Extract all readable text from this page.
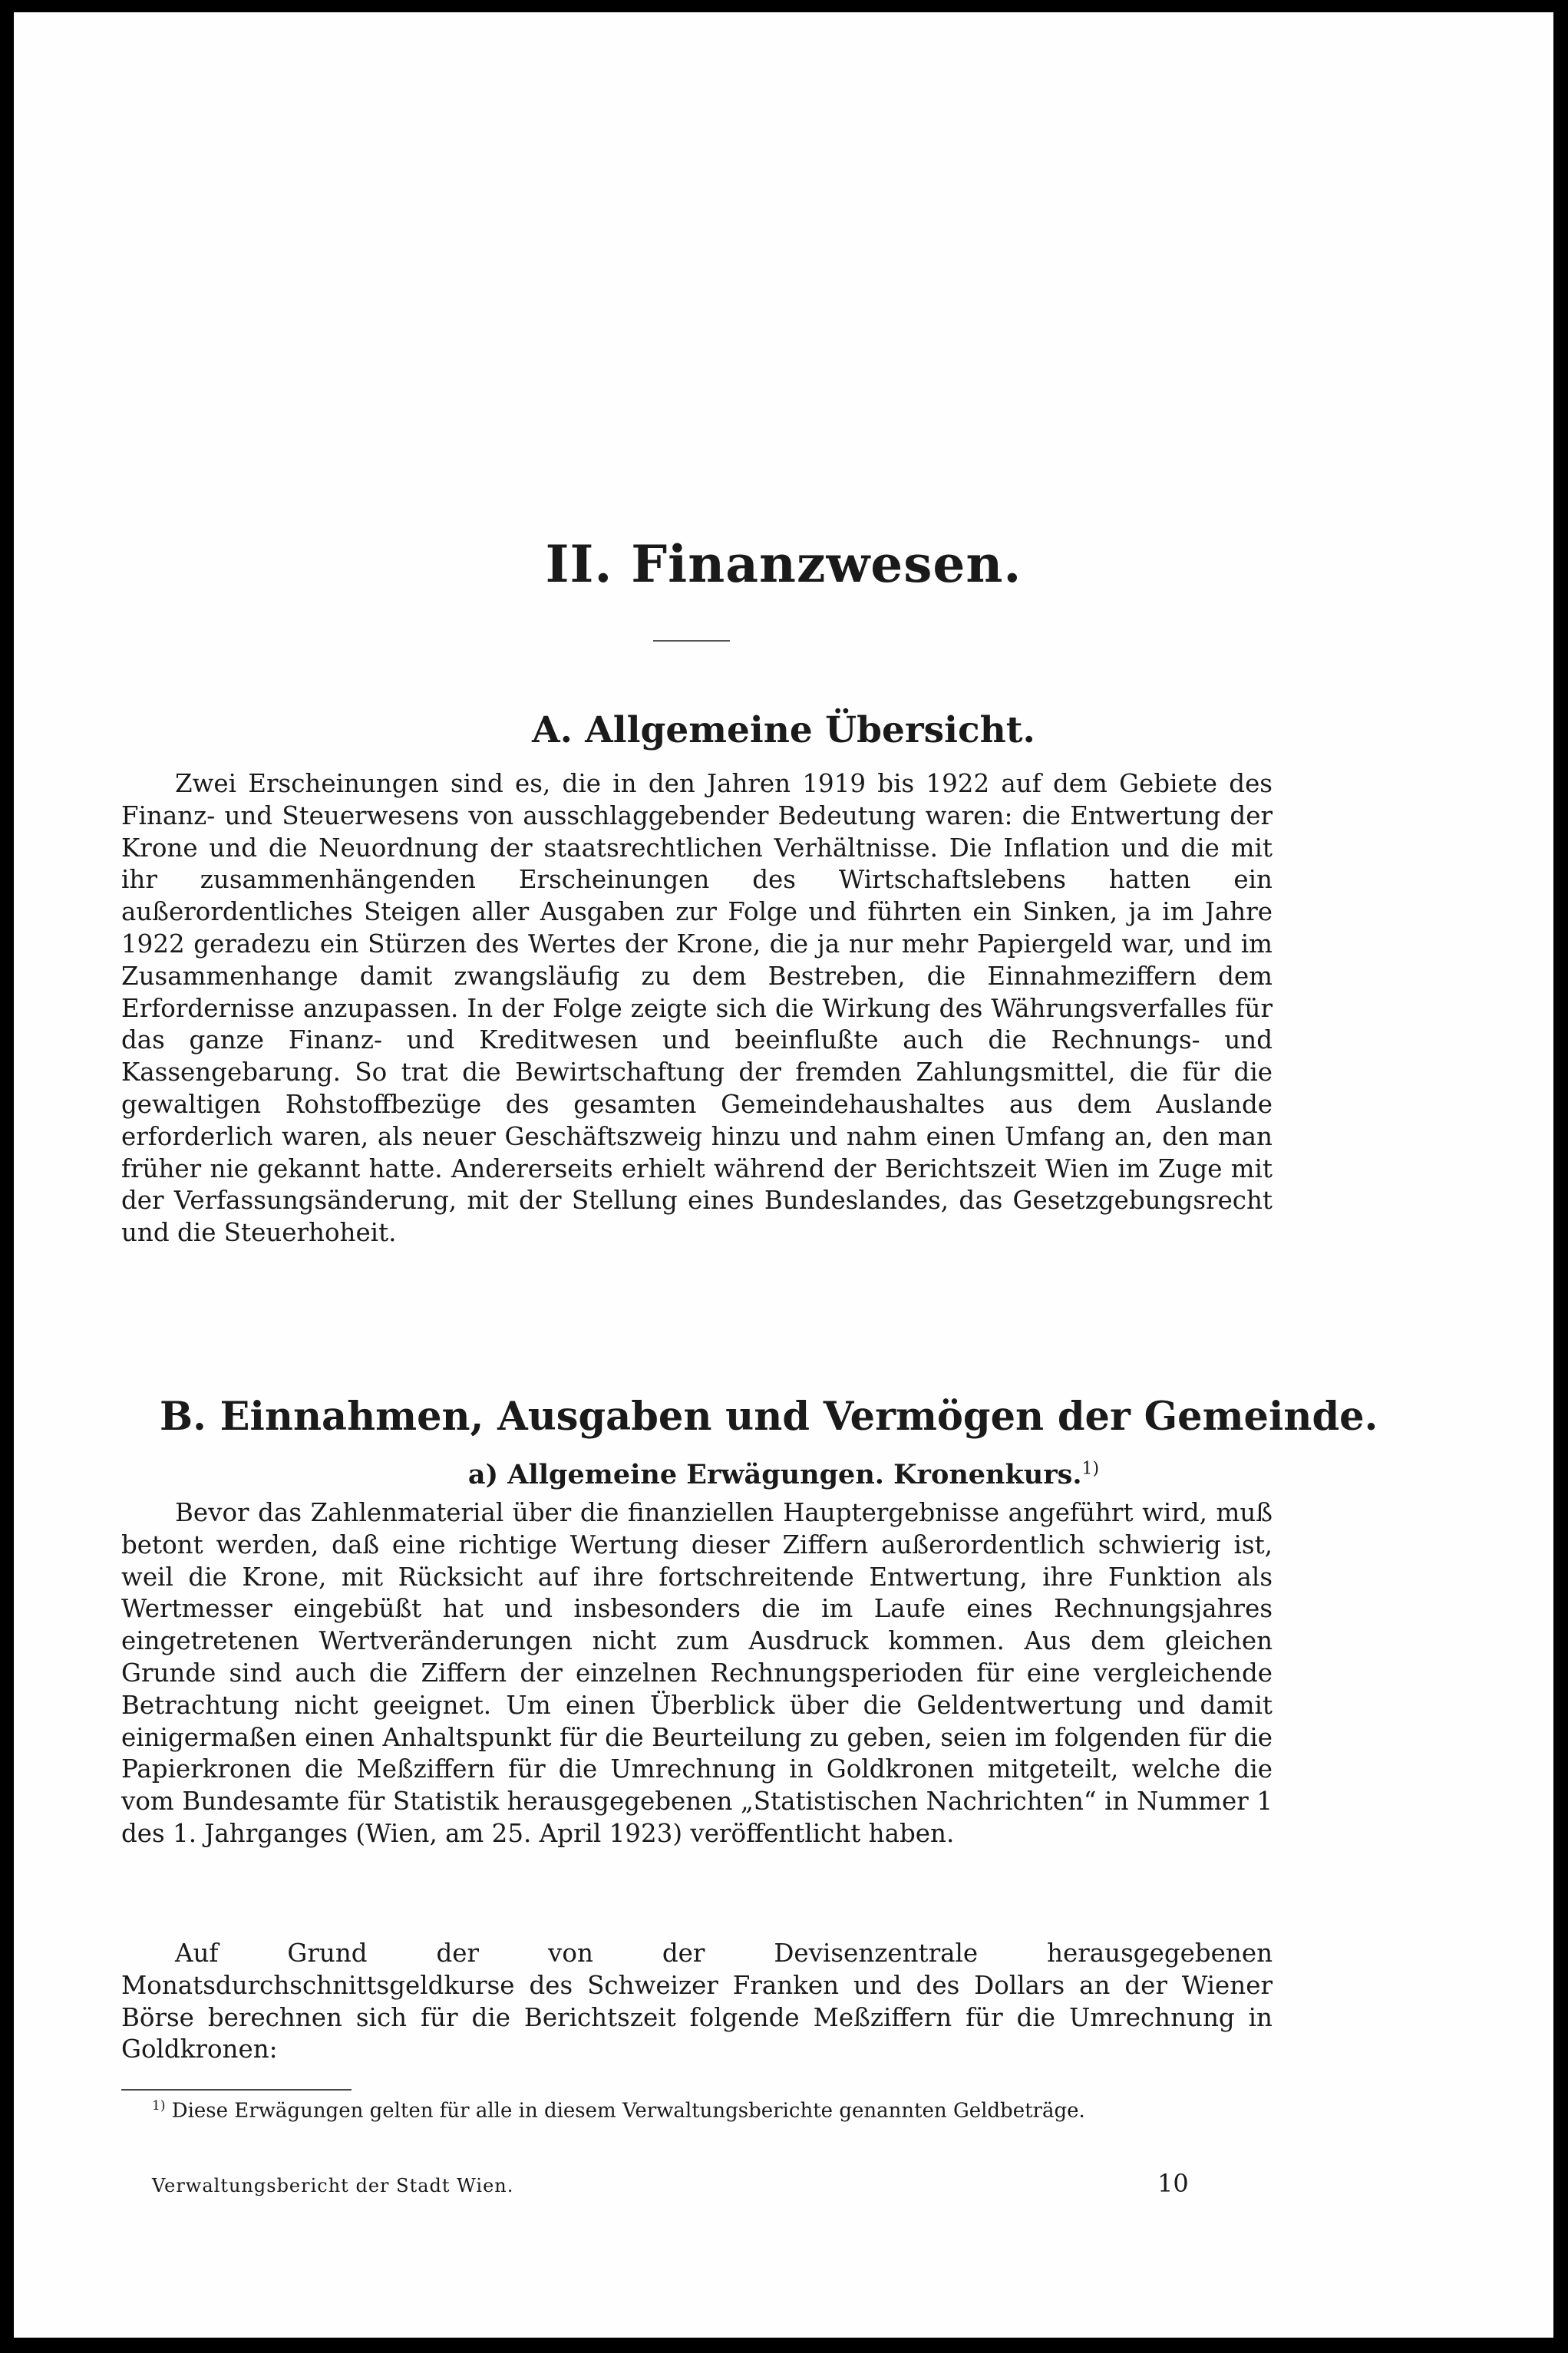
II. Finanzwesen.
A. Allgemeine Übersicht.

Zwei Erscheinungen sind es, die in den Jahren 1919 bis 1922 auf dem Gebiete des Finanz- und Steuerwesens von ausschlaggebender Bedeutung waren: die Entwertung der Krone und die Neuordnung der staatsrechtlichen Verhältnisse. Die Inflation und die mit ihr zusammenhängenden Erscheinungen des Wirtschaftslebens hatten ein außerordentliches Steigen aller Ausgaben zur Folge und führten ein Sinken, ja im Jahre 1922 geradezu ein Stürzen des Wertes der Krone, die ja nur mehr Papiergeld war, und im Zusammenhange damit zwangsläufig zu dem Bestreben, die Einnahmeziffern dem Erfordernisse anzupassen. In der Folge zeigte sich die Wirkung des Währungsverfalles für das ganze Finanz- und Kreditwesen und beeinflußte auch die Rechnungs- und Kassengebarung. So trat die Bewirtschaftung der fremden Zahlungsmittel, die für die gewaltigen Rohstoffbezüge des gesamten Gemeindehaushaltes aus dem Auslande erforderlich waren, als neuer Geschäftszweig hinzu und nahm einen Umfang an, den man früher nie gekannt hatte. Andererseits erhielt während der Berichtszeit Wien im Zuge mit der Verfassungsänderung, mit der Stellung eines Bundeslandes, das Gesetzgebungsrecht und die Steuerhoheit.

B. Einnahmen, Ausgaben und Vermögen der Gemeinde.
a) Allgemeine Erwägungen. Kronenkurs.$^{1)}$

Bevor das Zahlenmaterial über die finanziellen Hauptergebnisse angeführt wird, muß betont werden, daß eine richtige Wertung dieser Ziffern außerordentlich schwierig ist, weil die Krone, mit Rücksicht auf ihre fortschreitende Entwertung, ihre Funktion als Wertmesser eingebüßt hat und insbesonders die im Laufe eines Rechnungsjahres eingetretenen Wertveränderungen nicht zum Ausdruck kommen. Aus dem gleichen Grunde sind auch die Ziffern der einzelnen Rechnungsperioden für eine vergleichende Betrachtung nicht geeignet. Um einen Überblick über die Geldentwertung und damit einigermaßen einen Anhaltspunkt für die Beurteilung zu geben, seien im folgenden für die Papierkronen die Meßziffern für die Umrechnung in Goldkronen mitgeteilt, welche die vom Bundesamte für Statistik herausgegebenen „Statistischen Nachrichten“ in Nummer 1 des 1. Jahrganges (Wien, am 25. April 1923) veröffentlicht haben.

Auf Grund der von der Devisenzentrale herausgegebenen Monatsdurchschnittsgeldkurse des Schweizer Franken und des Dollars an der Wiener Börse berechnen sich für die Berichtszeit folgende Meßziffern für die Umrechnung in Goldkronen:

$^{1)}$ Diese Erwägungen gelten für alle in diesem Verwaltungsberichte genannten Geldbeträge.

Verwaltungsbericht der Stadt Wien.	10
